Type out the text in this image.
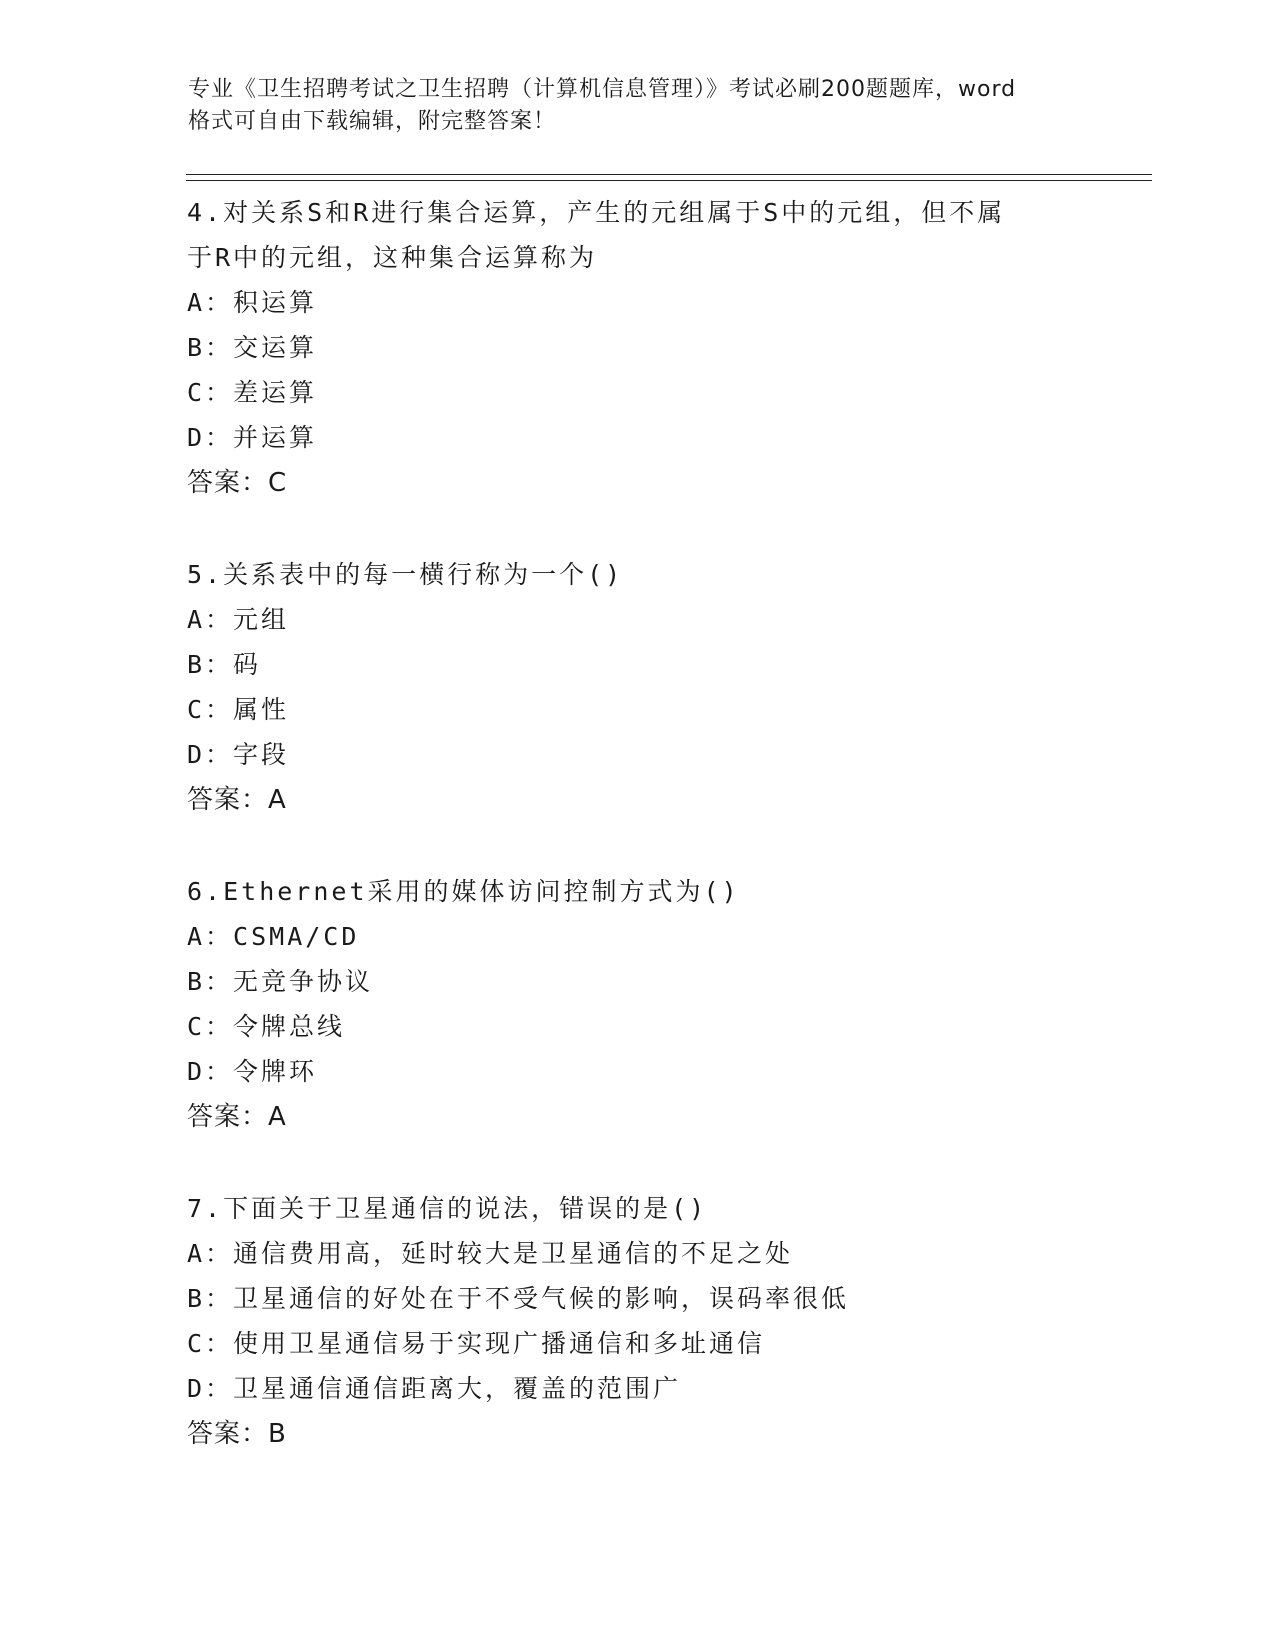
专业《卫生招聘考试之卫生招聘（计算机信息管理）》考试必刷200题题库，word
格式可自由下载编辑，附完整答案！

4.对关系S和R进行集合运算，产生的元组属于S中的元组，但不属

于R中的元组，这种集合运算称为

A：积运算

B：交运算

C：差运算

D：并运算

答案：C

5.关系表中的每一横行称为一个()

A：元组

B：码

C：属性

D：字段

答案：A

6.Ethernet采用的媒体访问控制方式为()

A：CSMA/CD

B：无竞争协议

C：令牌总线

D：令牌环

答案：A

7.下面关于卫星通信的说法，错误的是()

A：通信费用高，延时较大是卫星通信的不足之处

B：卫星通信的好处在于不受气候的影响，误码率很低

C：使用卫星通信易于实现广播通信和多址通信

D：卫星通信通信距离大，覆盖的范围广

答案：B
